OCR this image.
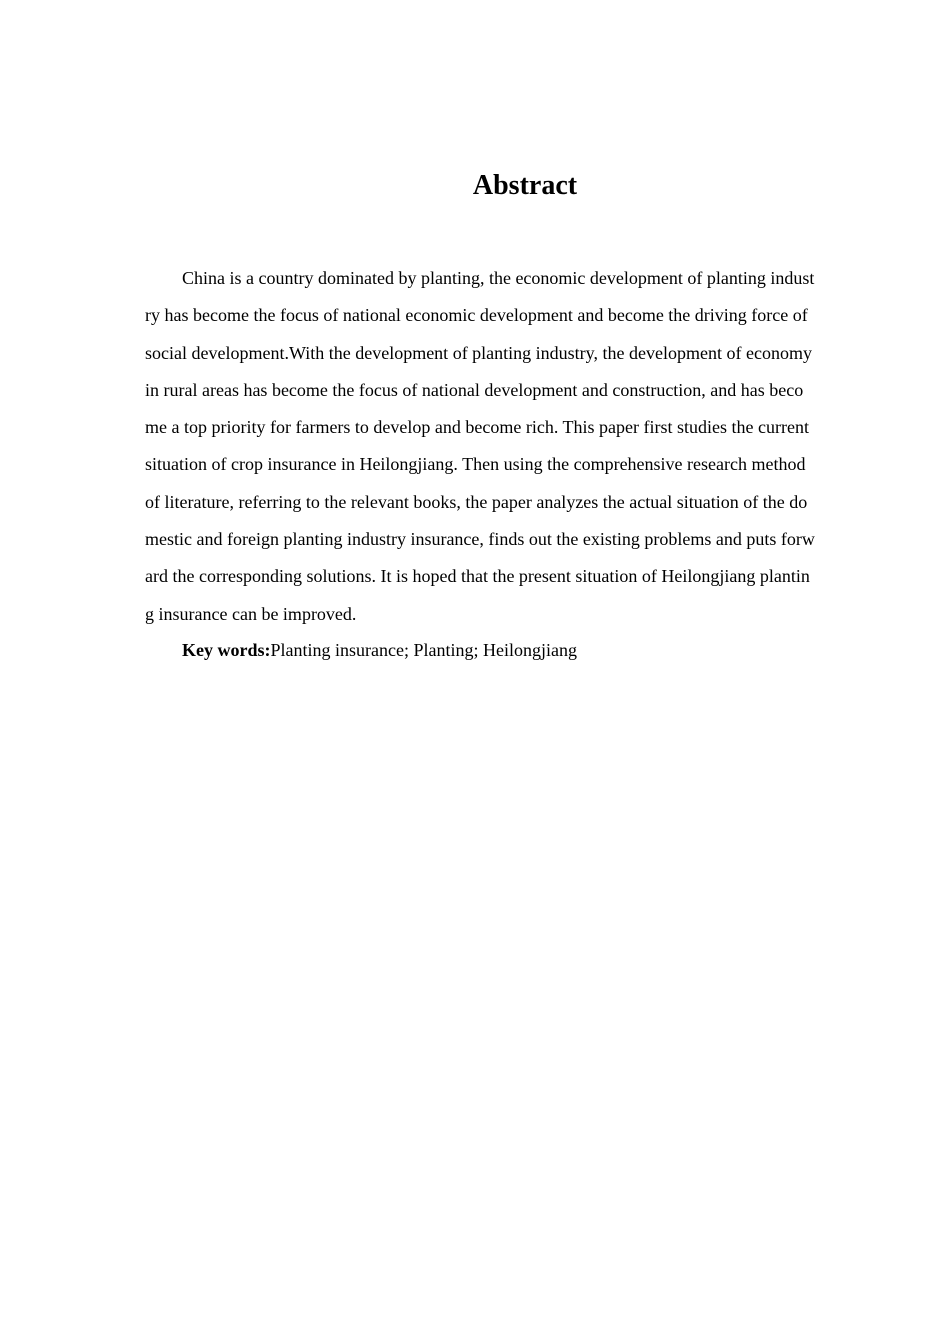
Abstract
China is a country dominated by planting, the economic development of planting indust
ry has become the focus of national economic development and become the driving force of
social development.With the development of planting industry, the development of economy
in rural areas has become the focus of national development and construction, and has beco
me a top priority for farmers to develop and become rich. This paper first studies the current
situation of crop insurance in Heilongjiang. Then using the comprehensive research method
of literature, referring to the relevant books, the paper analyzes the actual situation of the do
mestic and foreign planting industry insurance, finds out the existing problems and puts forw
ard the corresponding solutions. It is hoped that the present situation of Heilongjiang plantin
g insurance can be improved.
Key words:Planting insurance; Planting; Heilongjiang
